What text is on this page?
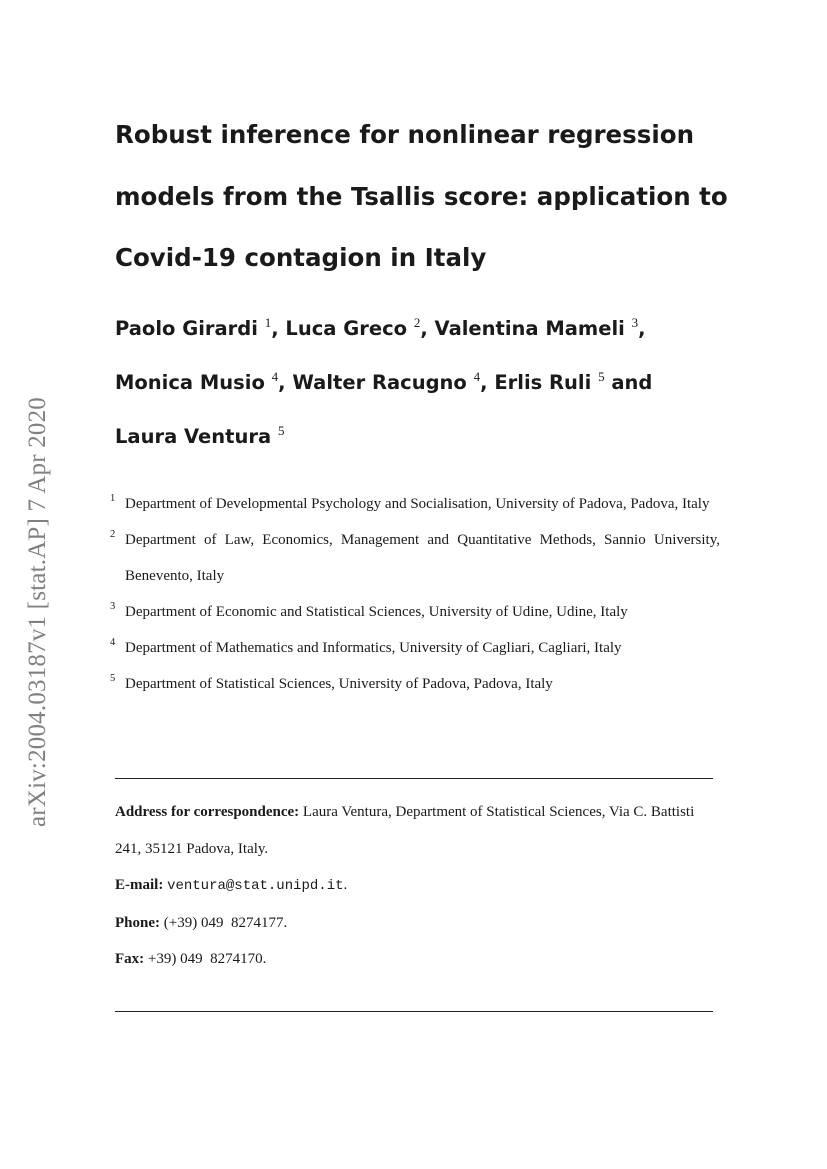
arXiv:2004.03187v1 [stat.AP] 7 Apr 2020
Robust inference for nonlinear regression models from the Tsallis score: application to Covid-19 contagion in Italy
Paolo Girardi $^1$, Luca Greco $^2$, Valentina Mameli $^3$,
Monica Musio $^4$, Walter Racugno $^4$, Erlis Ruli $^5$ and
Laura Ventura $^5$
1 Department of Developmental Psychology and Socialisation, University of Padova, Padova, Italy
2 Department of Law, Economics, Management and Quantitative Methods, Sannio University, Benevento, Italy
3 Department of Economic and Statistical Sciences, University of Udine, Udine, Italy
4 Department of Mathematics and Informatics, University of Cagliari, Cagliari, Italy
5 Department of Statistical Sciences, University of Padova, Padova, Italy
Address for correspondence: Laura Ventura, Department of Statistical Sciences, Via C. Battisti 241, 35121 Padova, Italy.
E-mail: ventura@stat.unipd.it.
Phone: (+39) 049  8274177.
Fax: +39) 049  8274170.
